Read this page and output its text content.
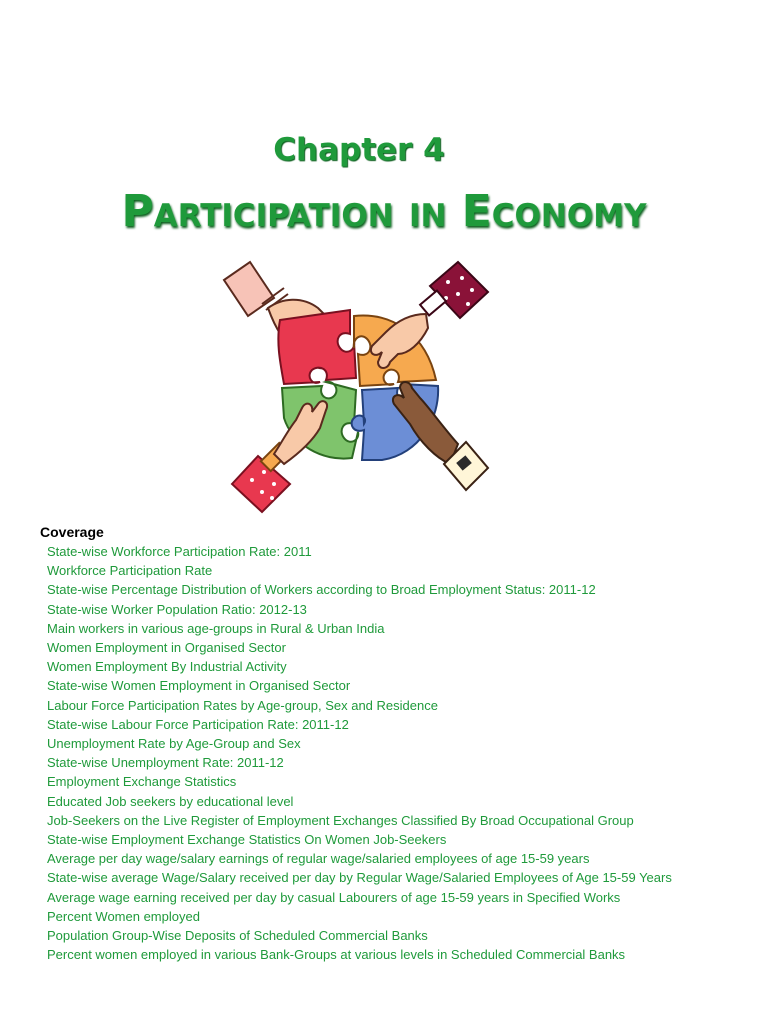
Chapter 4
Participation in Economy
Coverage
State-wise Workforce Participation Rate: 2011
Workforce Participation Rate
State-wise Percentage Distribution of Workers according to Broad Employment Status: 2011-12
State-wise Worker Population Ratio: 2012-13
Main workers in various age-groups in Rural & Urban India
Women Employment in Organised Sector
Women Employment By Industrial Activity
State-wise Women Employment in Organised Sector
Labour Force Participation Rates by Age-group, Sex and Residence
State-wise Labour Force Participation Rate: 2011-12
Unemployment Rate by Age-Group and Sex
State-wise Unemployment Rate: 2011-12
Employment Exchange Statistics
Educated Job seekers by educational level
Job-Seekers on the Live Register of Employment Exchanges Classified By Broad Occupational Group
State-wise Employment Exchange Statistics On Women Job-Seekers
Average per day wage/salary earnings of regular wage/salaried employees of age 15-59 years
State-wise average Wage/Salary received per day by Regular Wage/Salaried Employees of Age 15-59 Years
Average wage earning received per day by casual Labourers of age 15-59 years in Specified Works
Percent Women employed
Population Group-Wise Deposits of Scheduled Commercial Banks
Percent women employed in various Bank-Groups at various levels in Scheduled Commercial Banks
